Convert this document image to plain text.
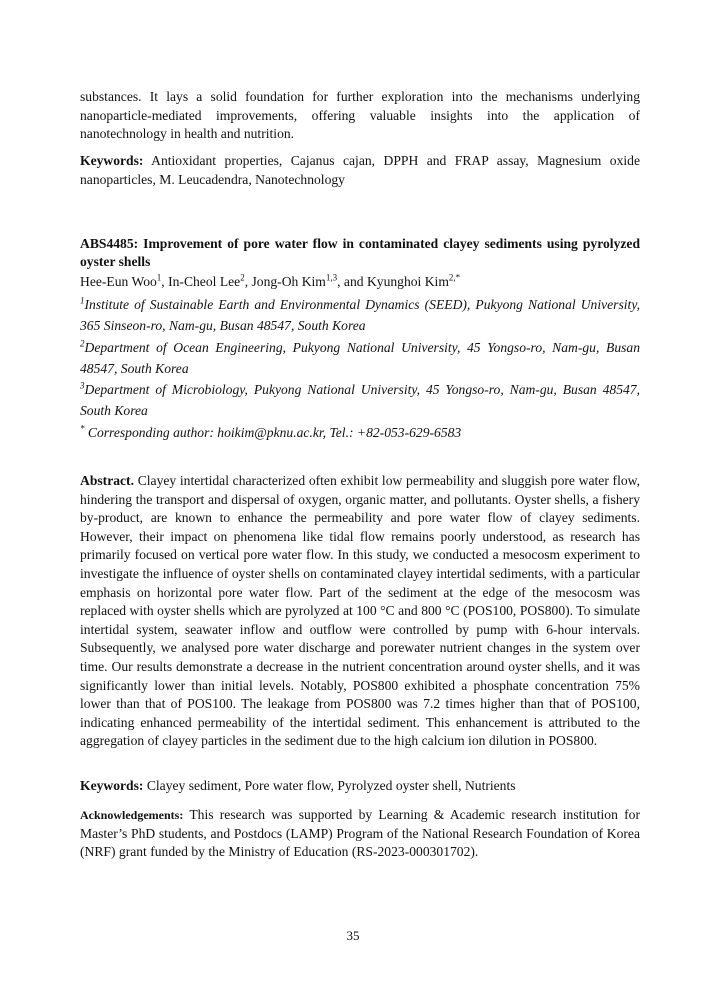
substances. It lays a solid foundation for further exploration into the mechanisms underlying nanoparticle-mediated improvements, offering valuable insights into the application of nanotechnology in health and nutrition.

Keywords: Antioxidant properties, Cajanus cajan, DPPH and FRAP assay, Magnesium oxide nanoparticles, M. Leucadendra, Nanotechnology

ABS4485: Improvement of pore water flow in contaminated clayey sediments using pyrolyzed oyster shells

Hee-Eun Woo$^1$, In-Cheol Lee$^2$, Jong-Oh Kim$^{1,3}$, and Kyunghoi Kim$^{2,*}$

$^1$Institute of Sustainable Earth and Environmental Dynamics (SEED), Pukyong National University, 365 Sinseon-ro, Nam-gu, Busan 48547, South Korea

$^2$Department of Ocean Engineering, Pukyong National University, 45 Yongso-ro, Nam-gu, Busan 48547, South Korea

$^3$Department of Microbiology, Pukyong National University, 45 Yongso-ro, Nam-gu, Busan 48547, South Korea

* Corresponding author: hoikim@pknu.ac.kr, Tel.: +82-053-629-6583

Abstract. Clayey intertidal characterized often exhibit low permeability and sluggish pore water flow, hindering the transport and dispersal of oxygen, organic matter, and pollutants. Oyster shells, a fishery by-product, are known to enhance the permeability and pore water flow of clayey sediments. However, their impact on phenomena like tidal flow remains poorly understood, as research has primarily focused on vertical pore water flow. In this study, we conducted a mesocosm experiment to investigate the influence of oyster shells on contaminated clayey intertidal sediments, with a particular emphasis on horizontal pore water flow. Part of the sediment at the edge of the mesocosm was replaced with oyster shells which are pyrolyzed at 100 °C and 800 °C (POS100, POS800). To simulate intertidal system, seawater inflow and outflow were controlled by pump with 6-hour intervals. Subsequently, we analysed pore water discharge and porewater nutrient changes in the system over time. Our results demonstrate a decrease in the nutrient concentration around oyster shells, and it was significantly lower than initial levels. Notably, POS800 exhibited a phosphate concentration 75% lower than that of POS100. The leakage from POS800 was 7.2 times higher than that of POS100, indicating enhanced permeability of the intertidal sediment. This enhancement is attributed to the aggregation of clayey particles in the sediment due to the high calcium ion dilution in POS800.

Keywords: Clayey sediment, Pore water flow, Pyrolyzed oyster shell, Nutrients

Acknowledgements: This research was supported by Learning & Academic research institution for Master’s PhD students, and Postdocs (LAMP) Program of the National Research Foundation of Korea (NRF) grant funded by the Ministry of Education (RS-2023-000301702).

35
